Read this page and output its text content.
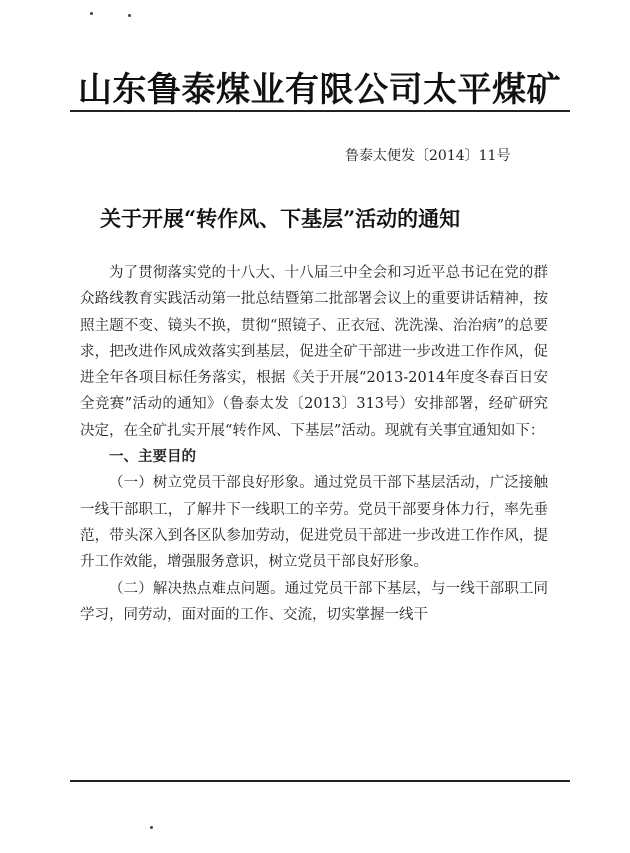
山东鲁泰煤业有限公司太平煤矿
鲁泰太便发〔2014〕11号
关于开展“转作风、下基层”活动的通知

为了贯彻落实党的十八大、十八届三中全会和习近平总书记在党的群众路线教育实践活动第一批总结暨第二批部署会议上的重要讲话精神，按照主题不变、镜头不换，贯彻“照镜子、正衣冠、洗洗澡、治治病”的总要求，把改进作风成效落实到基层，促进全矿干部进一步改进工作作风，促进全年各项目标任务落实，根据《关于开展“2013-2014年度冬春百日安全竞赛”活动的通知》（鲁泰太发〔2013〕313号）安排部署，经矿研究决定，在全矿扎实开展“转作风、下基层”活动。现就有关事宜通知如下：

一、主要目的

（一）树立党员干部良好形象。通过党员干部下基层活动，广泛接触一线干部职工，了解井下一线职工的辛劳。党员干部要身体力行，率先垂范，带头深入到各区队参加劳动，促进党员干部进一步改进工作作风，提升工作效能，增强服务意识，树立党员干部良好形象。

（二）解决热点难点问题。通过党员干部下基层，与一线干部职工同学习，同劳动，面对面的工作、交流，切实掌握一线干
